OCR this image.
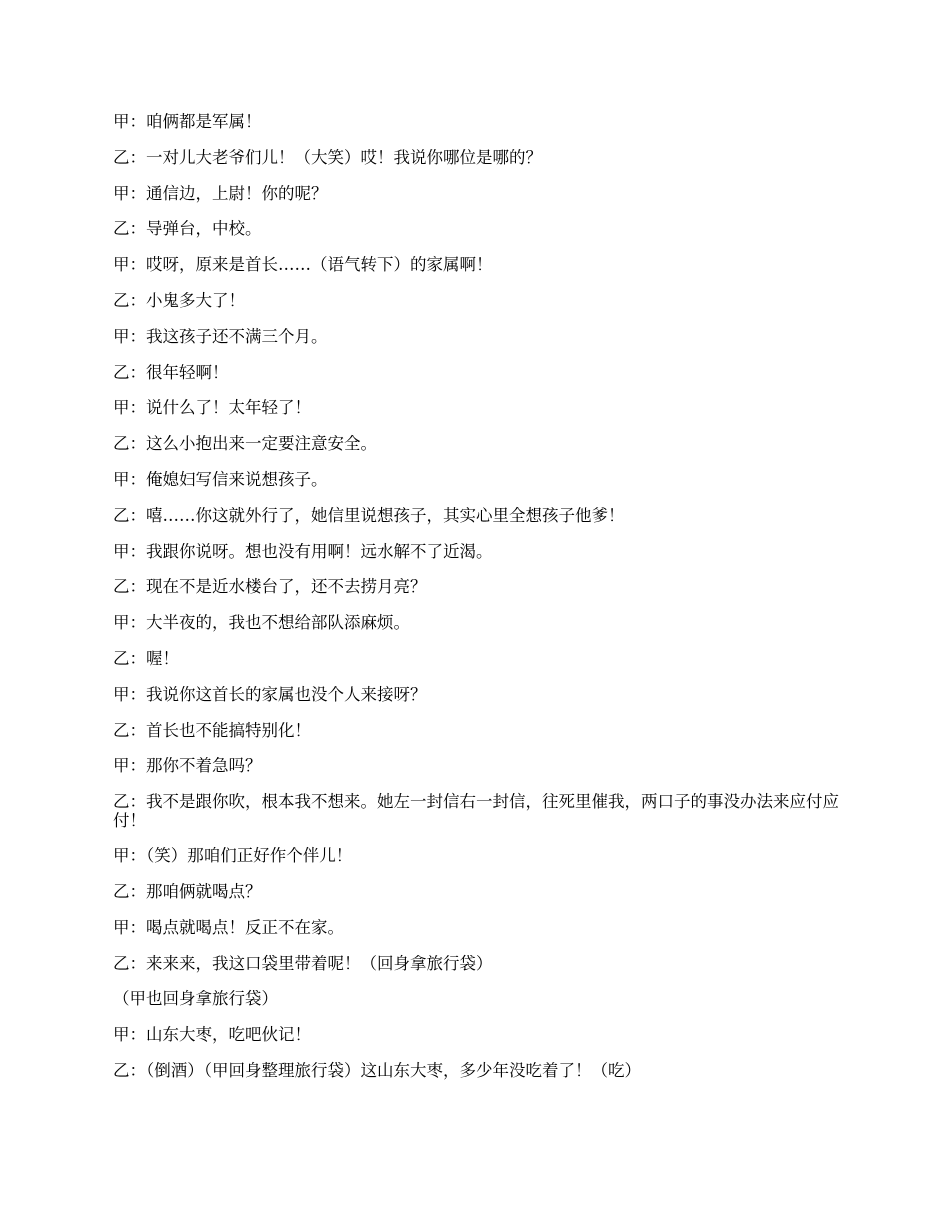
甲：咱俩都是军属！

乙：一对儿大老爷们儿！（大笑）哎！我说你哪位是哪的？

甲：通信边，上尉！你的呢？

乙：导弹台，中校。

甲：哎呀，原来是首长……（语气转下）的家属啊！

乙：小鬼多大了！

甲：我这孩子还不满三个月。

乙：很年轻啊！

甲：说什么了！太年轻了！

乙：这么小抱出来一定要注意安全。

甲：俺媳妇写信来说想孩子。

乙：嘻……你这就外行了，她信里说想孩子，其实心里全想孩子他爹！

甲：我跟你说呀。想也没有用啊！远水解不了近渴。

乙：现在不是近水楼台了，还不去捞月亮？

甲：大半夜的，我也不想给部队添麻烦。

乙：喔！

甲：我说你这首长的家属也没个人来接呀？

乙：首长也不能搞特别化！

甲：那你不着急吗？

乙：我不是跟你吹，根本我不想来。她左一封信右一封信，往死里催我，两口子的事没办法来应付应付！

甲：（笑）那咱们正好作个伴儿！

乙：那咱俩就喝点？

甲：喝点就喝点！反正不在家。

乙：来来来，我这口袋里带着呢！（回身拿旅行袋）

（甲也回身拿旅行袋）

甲：山东大枣，吃吧伙记！

乙：（倒酒）（甲回身整理旅行袋）这山东大枣，多少年没吃着了！（吃）
